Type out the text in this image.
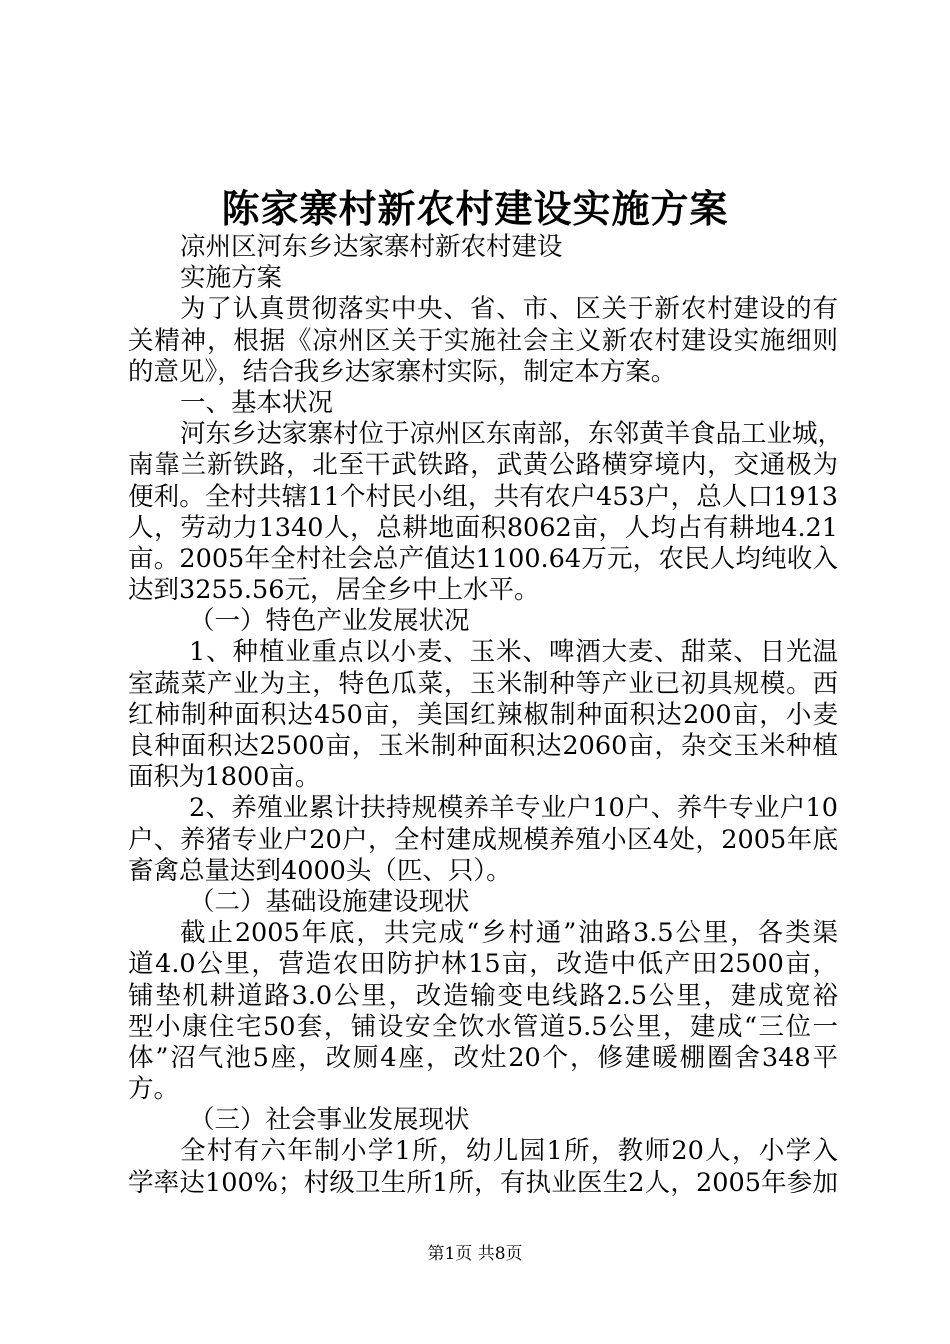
陈家寨村新农村建设实施方案
凉州区河东乡达家寨村新农村建设
实施方案
为了认真贯彻落实中央、省、市、区关于新农村建设的有
关精神，根据《凉州区关于实施社会主义新农村建设实施细则
的意见》，结合我乡达家寨村实际，制定本方案。
一、基本状况
河东乡达家寨村位于凉州区东南部，东邻黄羊食品工业城，
南靠兰新铁路，北至干武铁路，武黄公路横穿境内，交通极为
便利。全村共辖11个村民小组，共有农户453户，总人口1913
人，劳动力1340人，总耕地面积8062亩，人均占有耕地4.21
亩。2005年全村社会总产值达1100.64万元，农民人均纯收入
达到3255.56元，居全乡中上水平。
（一）特色产业发展状况
1、种植业重点以小麦、玉米、啤酒大麦、甜菜、日光温
室蔬菜产业为主，特色瓜菜，玉米制种等产业已初具规模。西
红柿制种面积达450亩，美国红辣椒制种面积达200亩，小麦
良种面积达2500亩，玉米制种面积达2060亩，杂交玉米种植
面积为1800亩。
2、养殖业累计扶持规模养羊专业户10户、养牛专业户10
户、养猪专业户20户，全村建成规模养殖小区4处，2005年底
畜禽总量达到4000头（匹、只）。
（二）基础设施建设现状
截止2005年底，共完成“乡村通”油路3.5公里，各类渠
道4.0公里，营造农田防护林15亩，改造中低产田2500亩，
铺垫机耕道路3.0公里，改造输变电线路2.5公里，建成宽裕
型小康住宅50套，铺设安全饮水管道5.5公里，建成“三位一
体”沼气池5座，改厕4座，改灶20个，修建暖棚圈舍348平
方。
（三）社会事业发展现状
全村有六年制小学1所，幼儿园1所，教师20人，小学入
学率达100%；村级卫生所1所，有执业医生2人，2005年参加
第1页 共8页
